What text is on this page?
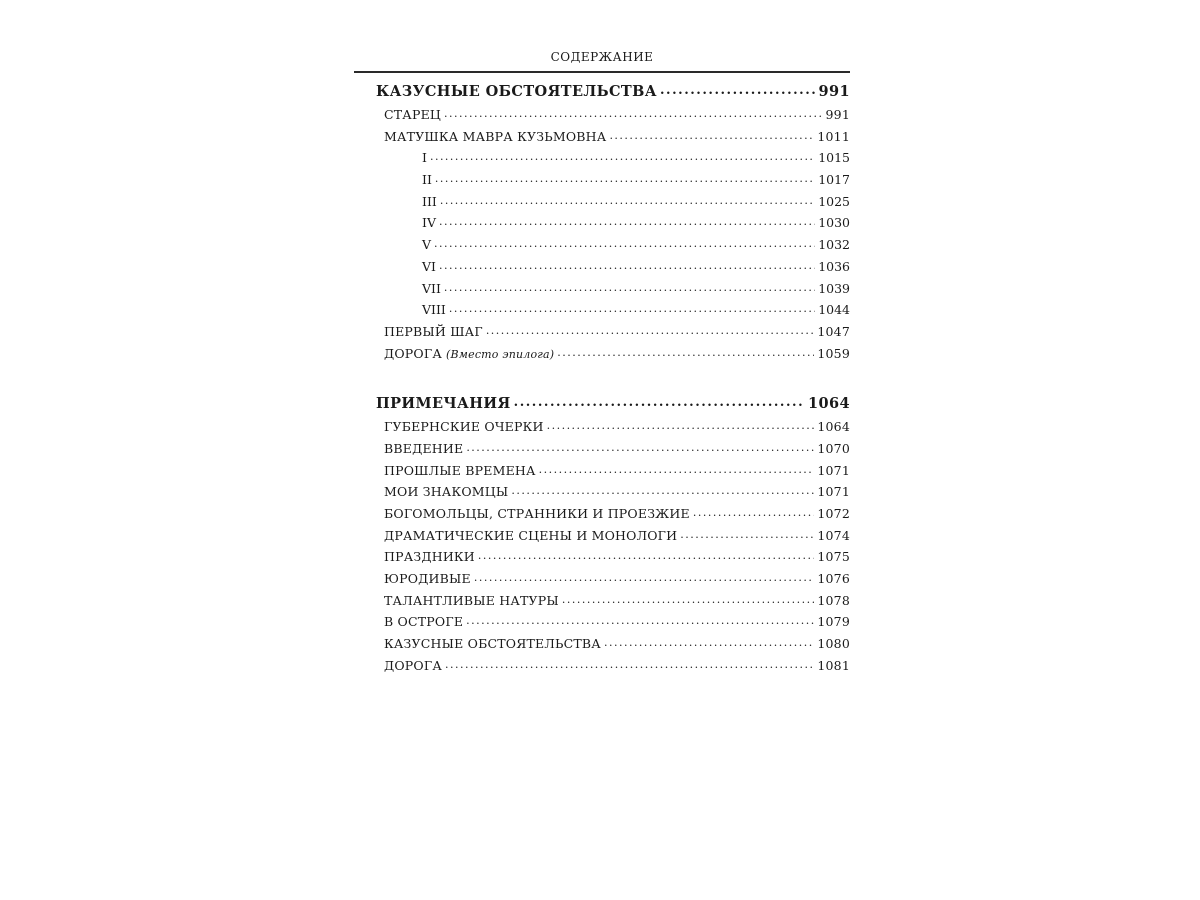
СОДЕРЖАНИЕ
КАЗУСНЫЕ ОБСТОЯТЕЛЬСТВА . . .	991
СТАРЕЦ . . .	991
МАТУШКА МАВРА КУЗЬМОВНА . . .	1011
I . . .	1015
II . . .	1017
III . . .	1025
IV . . .	1030
V . . .	1032
VI . . .	1036
VII . . .	1039
VIII . . .	1044
ПЕРВЫЙ ШАГ . . .	1047
ДОРОГА (Вместо эпилога) . . .	1059
ПРИМЕЧАНИЯ . . .	1064
ГУБЕРНСКИЕ ОЧЕРКИ . . .	1064
ВВЕДЕНИЕ . . .	1070
ПРОШЛЫЕ ВРЕМЕНА . . .	1071
МОИ ЗНАКОМЦЫ . . .	1071
БОГОМОЛЬЦЫ, СТРАННИКИ И ПРОЕЗЖИЕ . . .	1072
ДРАМАТИЧЕСКИЕ СЦЕНЫ И МОНОЛОГИ . . .	1074
ПРАЗДНИКИ . . .	1075
ЮРОДИВЫЕ . . .	1076
ТАЛАНТЛИВЫЕ НАТУРЫ . . .	1078
В ОСТРОГЕ . . .	1079
КАЗУСНЫЕ ОБСТОЯТЕЛЬСТВА . . .	1080
ДОРОГА . . .	1081
